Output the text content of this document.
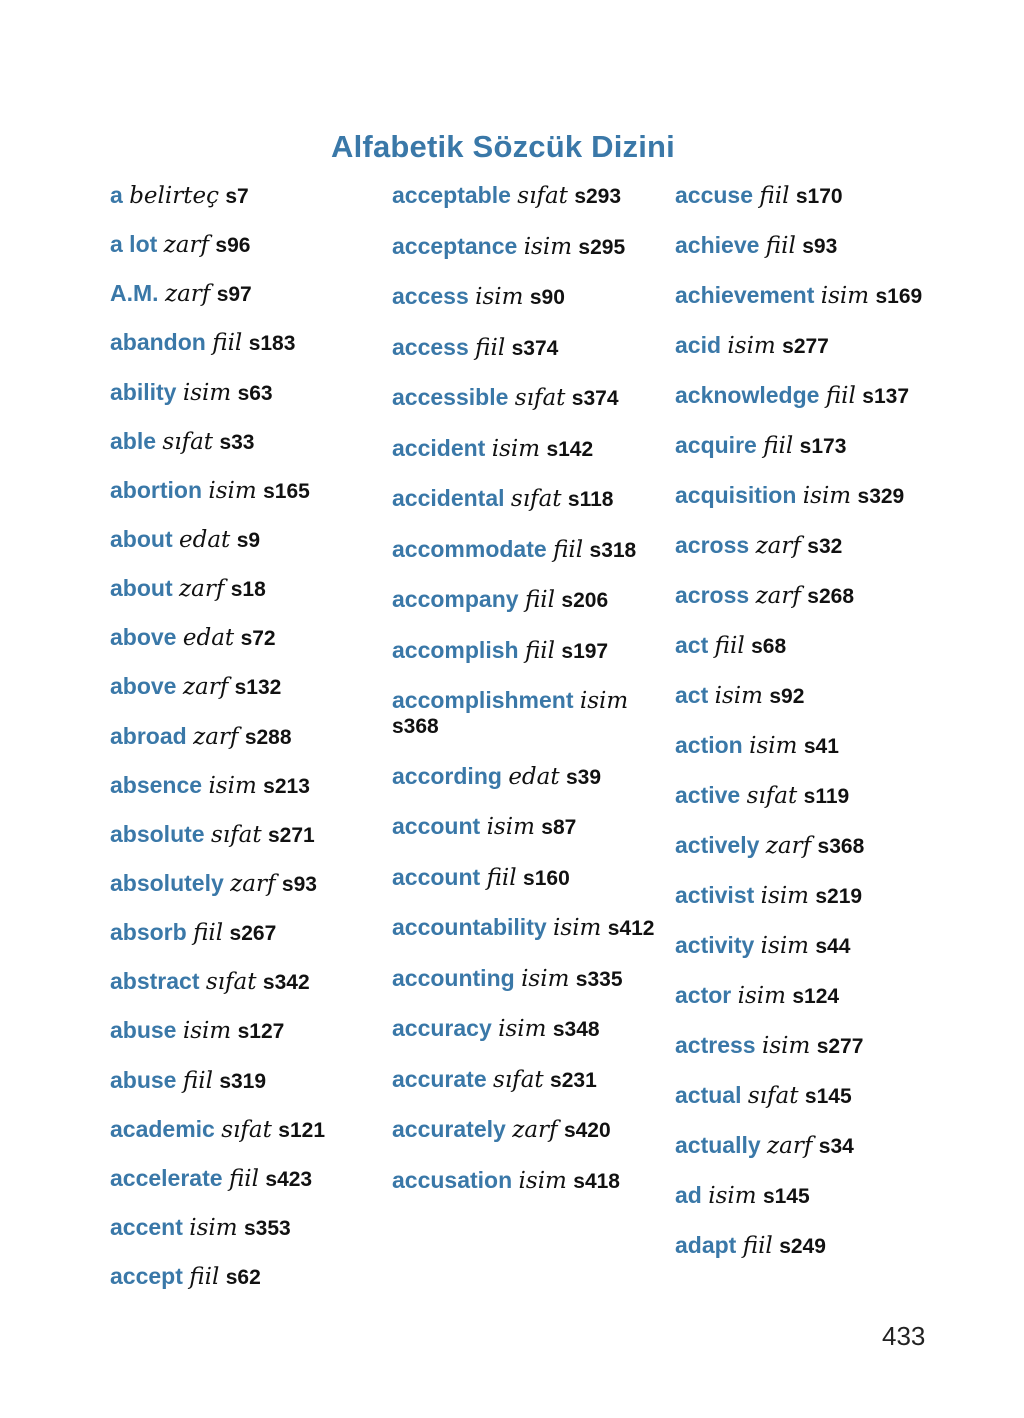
Alfabetik Sözcük Dizini
a belirteç s7
a lot zarf s96
A.M. zarf s97
abandon fiil s183
ability isim s63
able sıfat s33
abortion isim s165
about edat s9
about zarf s18
above edat s72
above zarf s132
abroad zarf s288
absence isim s213
absolute sıfat s271
absolutely zarf s93
absorb fiil s267
abstract sıfat s342
abuse isim s127
abuse fiil s319
academic sıfat s121
accelerate fiil s423
accent isim s353
accept fiil s62
acceptable sıfat s293
acceptance isim s295
access isim s90
access fiil s374
accessible sıfat s374
accident isim s142
accidental sıfat s118
accommodate fiil s318
accompany fiil s206
accomplish fiil s197
accomplishment isim s368
according edat s39
account isim s87
account fiil s160
accountability isim s412
accounting isim s335
accuracy isim s348
accurate sıfat s231
accurately zarf s420
accusation isim s418
accuse fiil s170
achieve fiil s93
achievement isim s169
acid isim s277
acknowledge fiil s137
acquire fiil s173
acquisition isim s329
across zarf s32
across zarf s268
act fiil s68
act isim s92
action isim s41
active sıfat s119
actively zarf s368
activist isim s219
activity isim s44
actor isim s124
actress isim s277
actual sıfat s145
actually zarf s34
ad isim s145
adapt fiil s249
433
